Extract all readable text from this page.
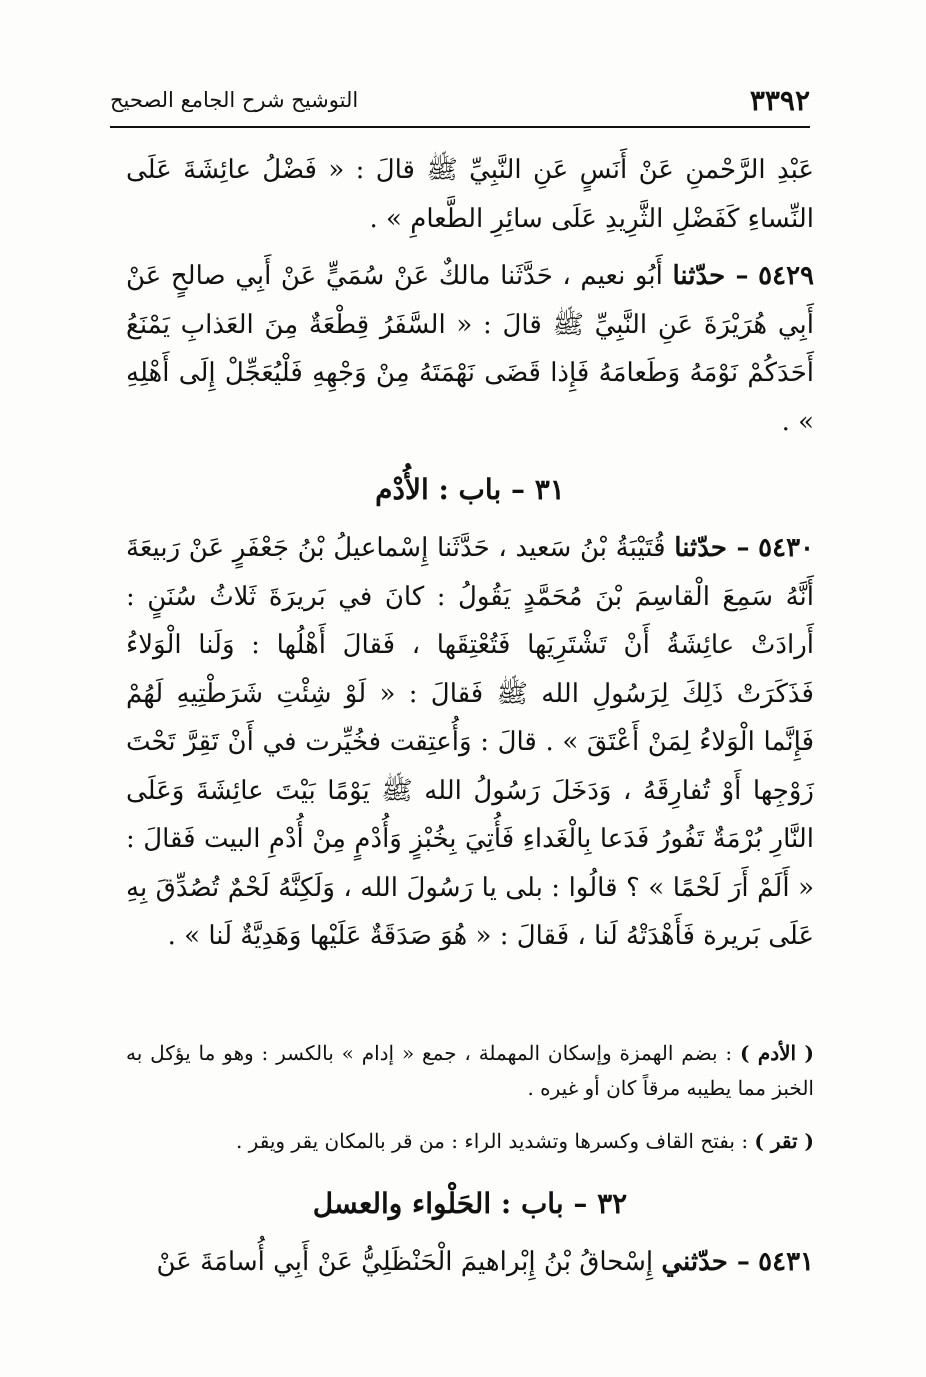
٣٣٩٢
التوشيح شرح الجامع الصحيح

عَبْدِ الرَّحْمنِ عَنْ أَنَسٍ عَنِ النَّبِيِّ ﷺ قالَ : « فَضْلُ عائِشَةَ عَلَى النِّساءِ كَفَضْلِ الثَّرِيدِ عَلَى سائِرِ الطَّعامِ » .

٥٤٢٩ – حدّثنا أَبُو نعيم ، حَدَّثَنا مالكٌ عَنْ سُمَيٍّ عَنْ أَبِي صالحٍ عَنْ أَبِي هُرَيْرَةَ عَنِ النَّبِيِّ ﷺ قالَ : « السَّفَرُ قِطْعَةٌ مِنَ العَذابِ يَمْنَعُ أَحَدَكُمْ نَوْمَهُ وَطَعامَهُ فَإِذا قَضَى نَهْمَتَهُ مِنْ وَجْهِهِ فَلْيُعَجِّلْ إِلَى أَهْلِهِ » .

٣١ – باب : الأُدْم

٥٤٣٠ – حدّثنا قُتَيْبَةُ بْنُ سَعيد ، حَدَّثَنا إِسْماعيلُ بْنُ جَعْفَرٍ عَنْ رَبيعَةَ أَنَّهُ سَمِعَ الْقاسِمَ بْنَ مُحَمَّدٍ يَقُولُ : كانَ في بَريرَةَ ثَلاثُ سُنَنٍ : أَرادَتْ عائِشَةُ أَنْ تَشْتَرِيَها فَتُعْتِقَها ، فَقالَ أَهْلُها : وَلَنا الْوَلاءُ فَذَكَرَتْ ذَلِكَ لِرَسُولِ الله ﷺ فَقالَ : « لَوْ شِئْتِ شَرَطْتِيهِ لَهُمْ فَإِنَّما الْوَلاءُ لِمَنْ أَعْتَقَ » . قالَ : وَأُعتِقت فخُيِّرت في أَنْ تَقِرَّ تَحْتَ زَوْجِها أَوْ تُفارِقَهُ ، وَدَخَلَ رَسُولُ الله ﷺ يَوْمًا بَيْتَ عائِشَةَ وَعَلَى النَّارِ بُرْمَةٌ تَفُورُ فَدَعا بِالْغَداءِ فَأُتِيَ بِخُبْزٍ وَأُدْمٍ مِنْ أُدْمِ البيت فَقالَ : « أَلَمْ أَرَ لَحْمًا » ؟ قالُوا : بلى يا رَسُولَ الله ، وَلَكِنَّهُ لَحْمٌ تُصُدِّقَ بِهِ عَلَى بَريرة فَأَهْدَتْهُ لَنا ، فَقالَ : « هُوَ صَدَقَةٌ عَلَيْها وَهَدِيَّةٌ لَنا » .

( الأدم ) : بضم الهمزة وإسكان المهملة ، جمع « إدام » بالكسر : وهو ما يؤكل به الخبز مما يطيبه مرقاً كان أو غيره .

( تقر ) : بفتح القاف وكسرها وتشديد الراء : من قر بالمكان يقر ويقر .

٣٢ – باب : الحَلْواء والعسل

٥٤٣١ – حدّثني إِسْحاقُ بْنُ إِبْراهيمَ الْحَنْظَلِيُّ عَنْ أَبِي أُسامَةَ عَنْ
